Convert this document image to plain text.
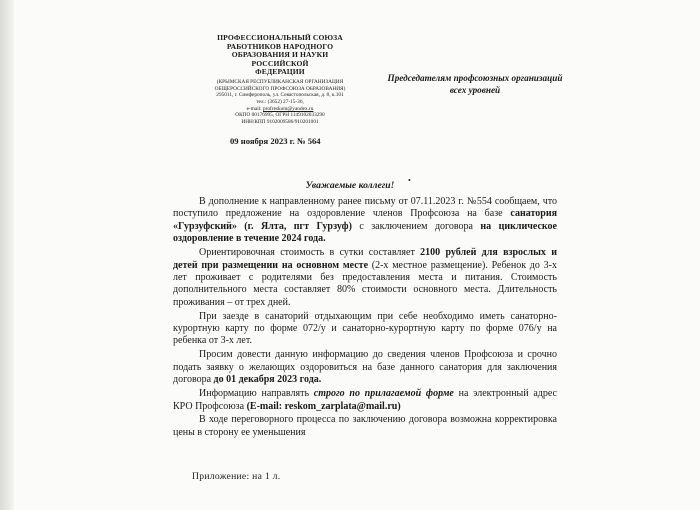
ПРОФЕССИОНАЛЬНЫЙ СОЮЗА

РАБОТНИКОВ НАРОДНОГО

ОБРАЗОВАНИЯ И НАУКИ РОССИЙСКОЙ

ФЕДЕРАЦИИ

(КРЫМСКАЯ РЕСПУБЛИКАНСКАЯ ОРГАНИЗАЦИЯ

ОБЩЕРОССИЙСКОГО ПРОФСОЮЗА ОБРАЗОВАНИЯ)

295011, г. Симферополь, ул. Севастопольская, д. 8, к.101

тел.: (3652) 27-15-36,

e-mail: profreskom@yandex.ru

ОКПО 00176995, ОГРН 1149102033290

ИНН/КПП 9102009586/910201001

Председателям профсоюзных организаций всех уровней

09 ноября 2023 г. № 564

•

Уважаемые коллеги!

В дополнение к направленному ранее письму от 07.11.2023 г. №554 сообщаем, что поступило предложение на оздоровление членов Профсоюза на базе санатория «Гурзуфский» (г. Ялта, пгт Гурзуф) с заключением договора на циклическое оздоровление в течение 2024 года.

Ориентировочная стоимость в сутки составляет 2100 рублей для взрослых и детей при размещении на основном месте (2-х местное размещение). Ребенок до 3-х лет проживает с родителями без предоставления места и питания. Стоимость дополнительного места составляет 80% стоимости основного места. Длительность проживания – от трех дней.

При заезде в санаторий отдыхающим при себе необходимо иметь санаторно-курортную карту по форме 072/у и санаторно-курортную карту по форме 076/у на ребенка от 3-х лет.

Просим довести данную информацию до сведения членов Профсоюза и срочно подать заявку о желающих оздоровиться на базе данного санатория для заключения договора до 01 декабря 2023 года.

Информацию направлять строго по прилагаемой форме на электронный адрес КРО Профсоюза (E-mail: reskom_zarplata@mail.ru)

В ходе переговорного процесса по заключению договора возможна корректировка цены в сторону ее уменьшения

Приложение: на 1 л.
